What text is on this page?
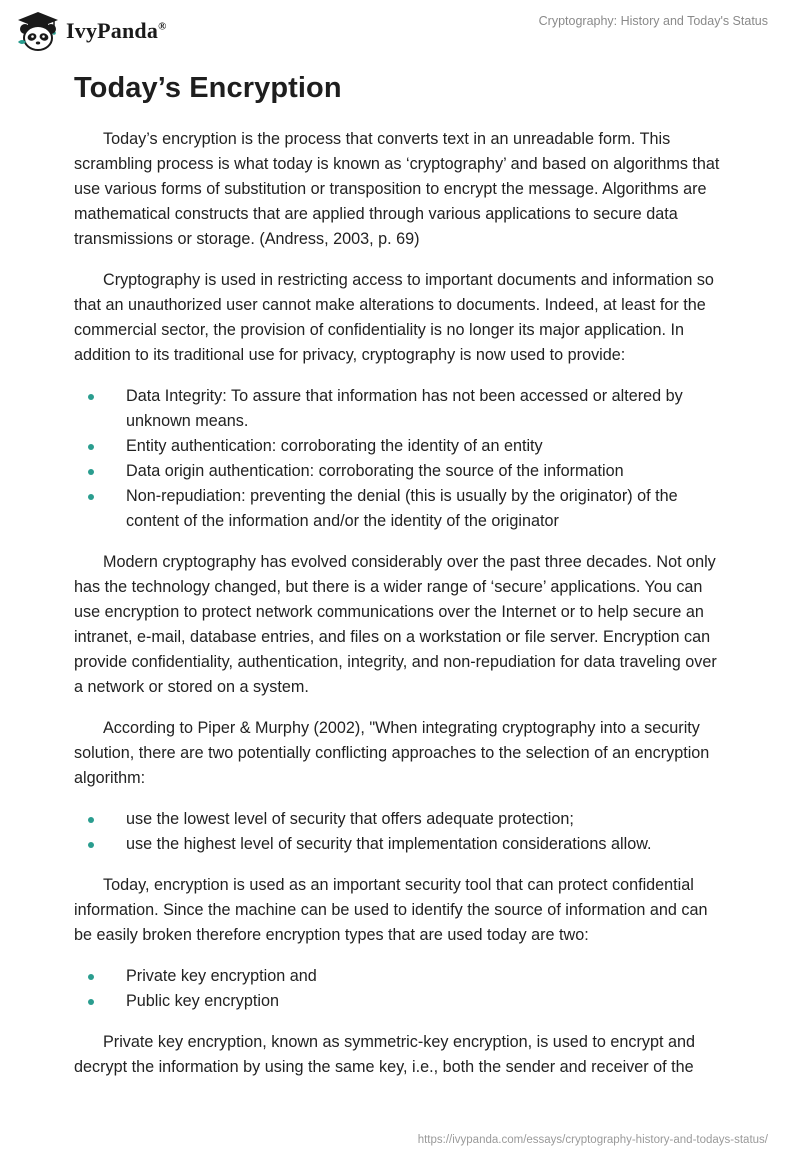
IvyPanda®	Cryptography: History and Today's Status
Today’s Encryption

Today’s encryption is the process that converts text in an unreadable form. This scrambling process is what today is known as ‘cryptography’ and based on algorithms that use various forms of substitution or transposition to encrypt the message. Algorithms are mathematical constructs that are applied through various applications to secure data transmissions or storage. (Andress, 2003, p. 69)

Cryptography is used in restricting access to important documents and information so that an unauthorized user cannot make alterations to documents. Indeed, at least for the commercial sector, the provision of confidentiality is no longer its major application. In addition to its traditional use for privacy, cryptography is now used to provide:

Data Integrity: To assure that information has not been accessed or altered by unknown means.
Entity authentication: corroborating the identity of an entity
Data origin authentication: corroborating the source of the information
Non-repudiation: preventing the denial (this is usually by the originator) of the content of the information and/or the identity of the originator

Modern cryptography has evolved considerably over the past three decades. Not only has the technology changed, but there is a wider range of ‘secure’ applications. You can use encryption to protect network communications over the Internet or to help secure an intranet, e-mail, database entries, and files on a workstation or file server. Encryption can provide confidentiality, authentication, integrity, and non-repudiation for data traveling over a network or stored on a system.

According to Piper & Murphy (2002), "When integrating cryptography into a security solution, there are two potentially conflicting approaches to the selection of an encryption algorithm:

use the lowest level of security that offers adequate protection;
use the highest level of security that implementation considerations allow.

Today, encryption is used as an important security tool that can protect confidential information. Since the machine can be used to identify the source of information and can be easily broken therefore encryption types that are used today are two:

Private key encryption and
Public key encryption

Private key encryption, known as symmetric-key encryption, is used to encrypt and decrypt the information by using the same key, i.e., both the sender and receiver of the

https://ivypanda.com/essays/cryptography-history-and-todays-status/
